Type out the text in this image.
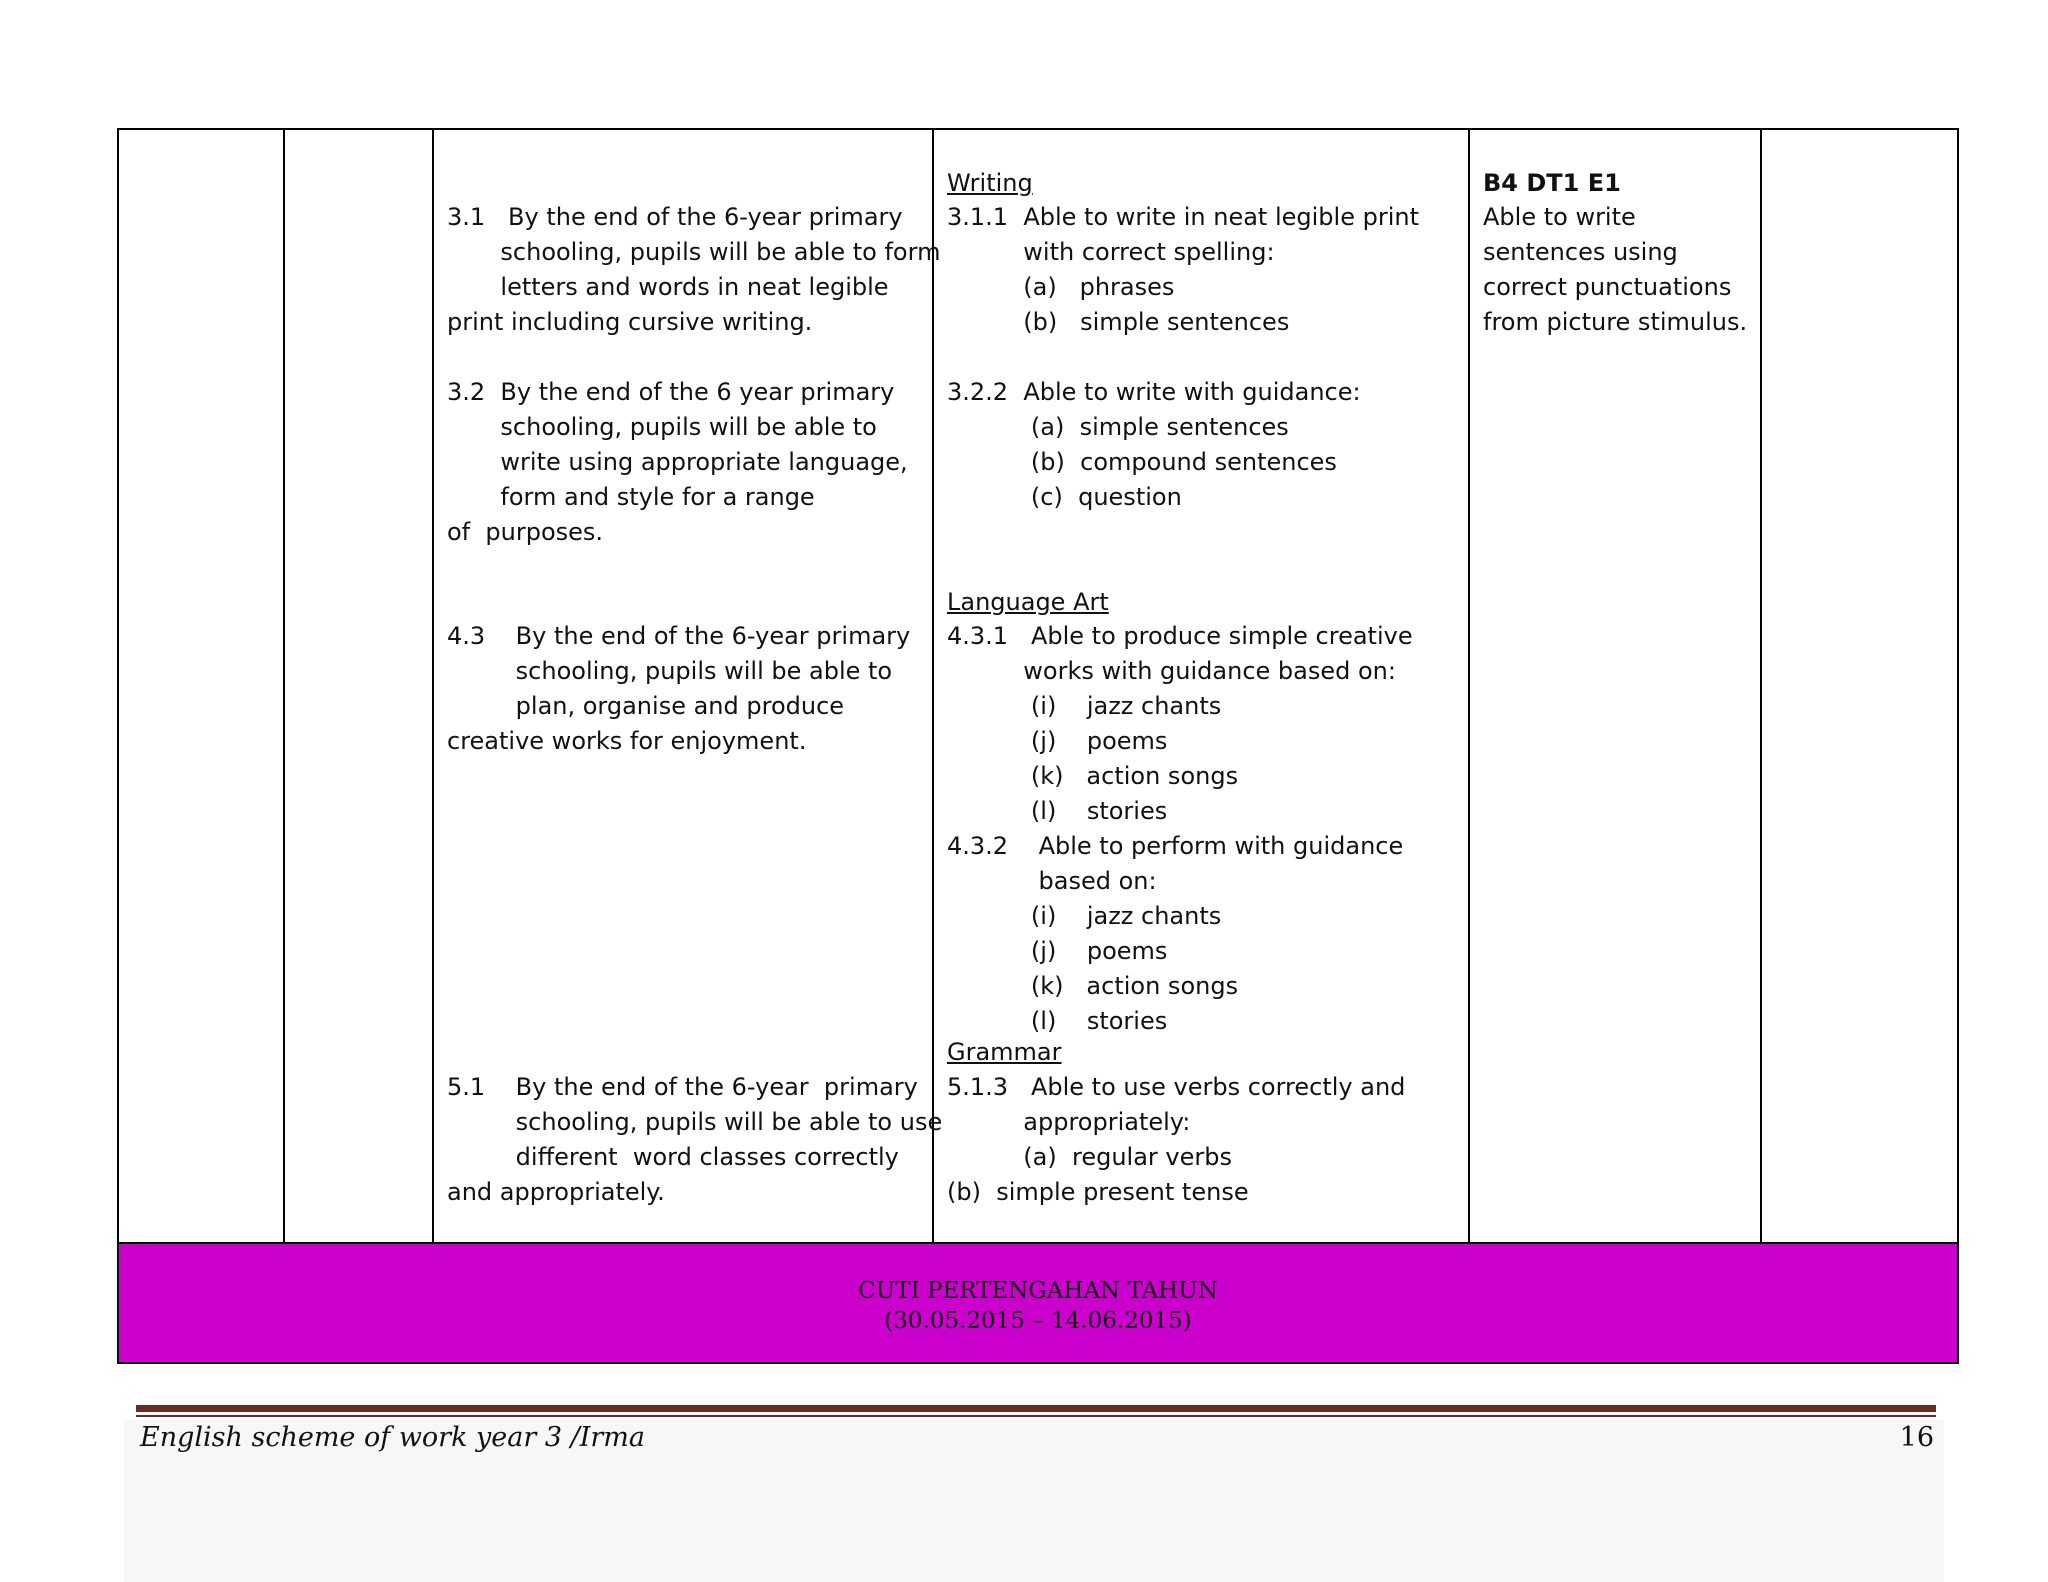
3.1   By the end of the 6-year primary
schooling, pupils will be able to form
letters and words in neat legible
print including cursive writing.

3.2  By the end of the 6 year primary
schooling, pupils will be able to
write using appropriate language,
form and style for a range
of  purposes.

4.3    By the end of the 6-year primary
schooling, pupils will be able to
plan, organise and produce
creative works for enjoyment.

5.1    By the end of the 6-year  primary
schooling, pupils will be able to use
different  word classes correctly
and appropriately.

Writing

3.1.1  Able to write in neat legible print
with correct spelling:
(a)   phrases
(b)   simple sentences

3.2.2  Able to write with guidance:
(a)  simple sentences
(b)  compound sentences
(c)  question

Language Art

4.3.1   Able to produce simple creative
works with guidance based on:
(i)    jazz chants
(j)    poems
(k)   action songs
(l)    stories

4.3.2    Able to perform with guidance
based on:
(i)    jazz chants
(j)    poems
(k)   action songs
(l)    stories

Grammar

5.1.3   Able to use verbs correctly and
appropriately:
(a)  regular verbs
(b)  simple present tense

B4 DT1 E1

Able to write
sentences using
correct punctuations
from picture stimulus.

CUTI PERTENGAHAN TAHUN
(30.05.2015 – 14.06.2015)
English scheme of work year 3 /Irma	16
